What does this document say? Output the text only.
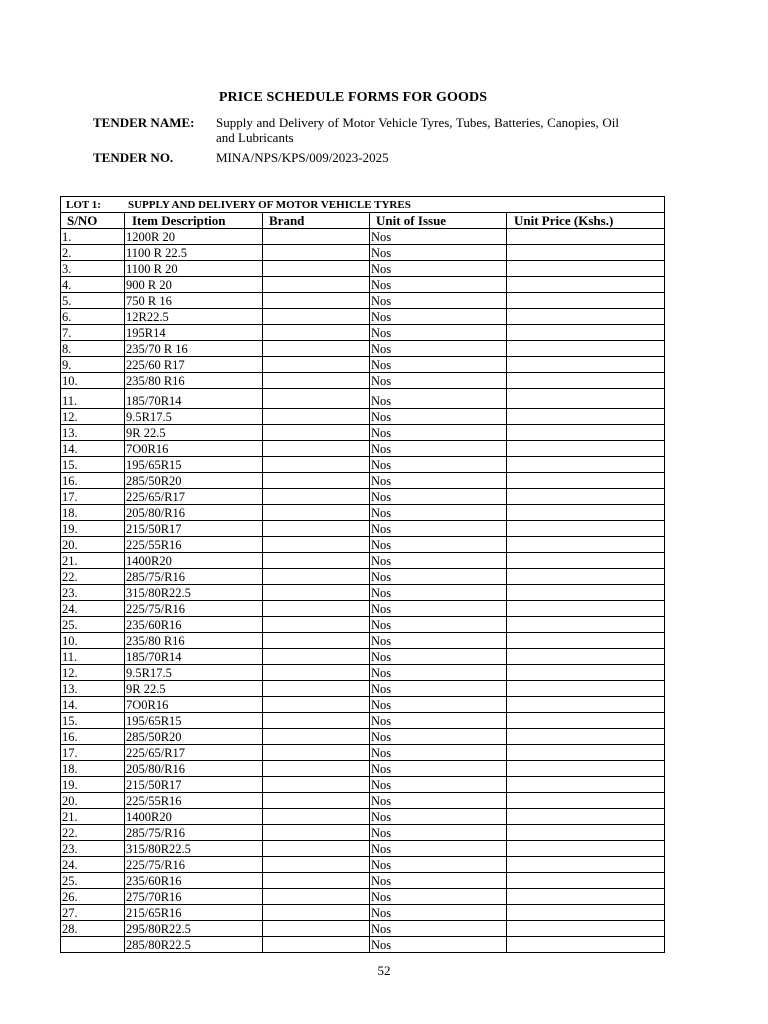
PRICE SCHEDULE FORMS FOR GOODS
TENDER NAME: Supply and Delivery of Motor Vehicle Tyres, Tubes, Batteries, Canopies, Oil and Lubricants
TENDER NO.	MINA/NPS/KPS/009/2023-2025
LOT 1: SUPPLY AND DELIVERY OF MOTOR VEHICLE TYRES				
S/NO	Item Description	Brand	Unit of Issue	Unit Price (Kshs.)
1.	1200R 20		Nos	
2.	1100 R 22.5		Nos	
3.	1100 R 20		Nos	
4.	900 R 20		Nos	
5.	750 R 16		Nos	
6.	12R22.5		Nos	
7.	195R14		Nos	
8.	235/70 R 16		Nos	
9.	225/60 R17		Nos	
10.	235/80 R16		Nos	
11.	185/70R14		Nos	
12.	9.5R17.5		Nos	
13.	9R 22.5		Nos	
14.	7O0R16		Nos	
15.	195/65R15		Nos	
16.	285/50R20		Nos	
17.	225/65/R17		Nos	
18.	205/80/R16		Nos	
19.	215/50R17		Nos	
20.	225/55R16		Nos	
21.	1400R20		Nos	
22.	285/75/R16		Nos	
23.	315/80R22.5		Nos	
24.	225/75/R16		Nos	
25.	235/60R16		Nos	
10.	235/80 R16		Nos	
11.	185/70R14		Nos	
12.	9.5R17.5		Nos	
13.	9R 22.5		Nos	
14.	7O0R16		Nos	
15.	195/65R15		Nos	
16.	285/50R20		Nos	
17.	225/65/R17		Nos	
18.	205/80/R16		Nos	
19.	215/50R17		Nos	
20.	225/55R16		Nos	
21.	1400R20		Nos	
22.	285/75/R16		Nos	
23.	315/80R22.5		Nos	
24.	225/75/R16		Nos	
25.	235/60R16		Nos	
26.	275/70R16		Nos	
27.	215/65R16		Nos	
28.	295/80R22.5		Nos	
	285/80R22.5		Nos	
52
